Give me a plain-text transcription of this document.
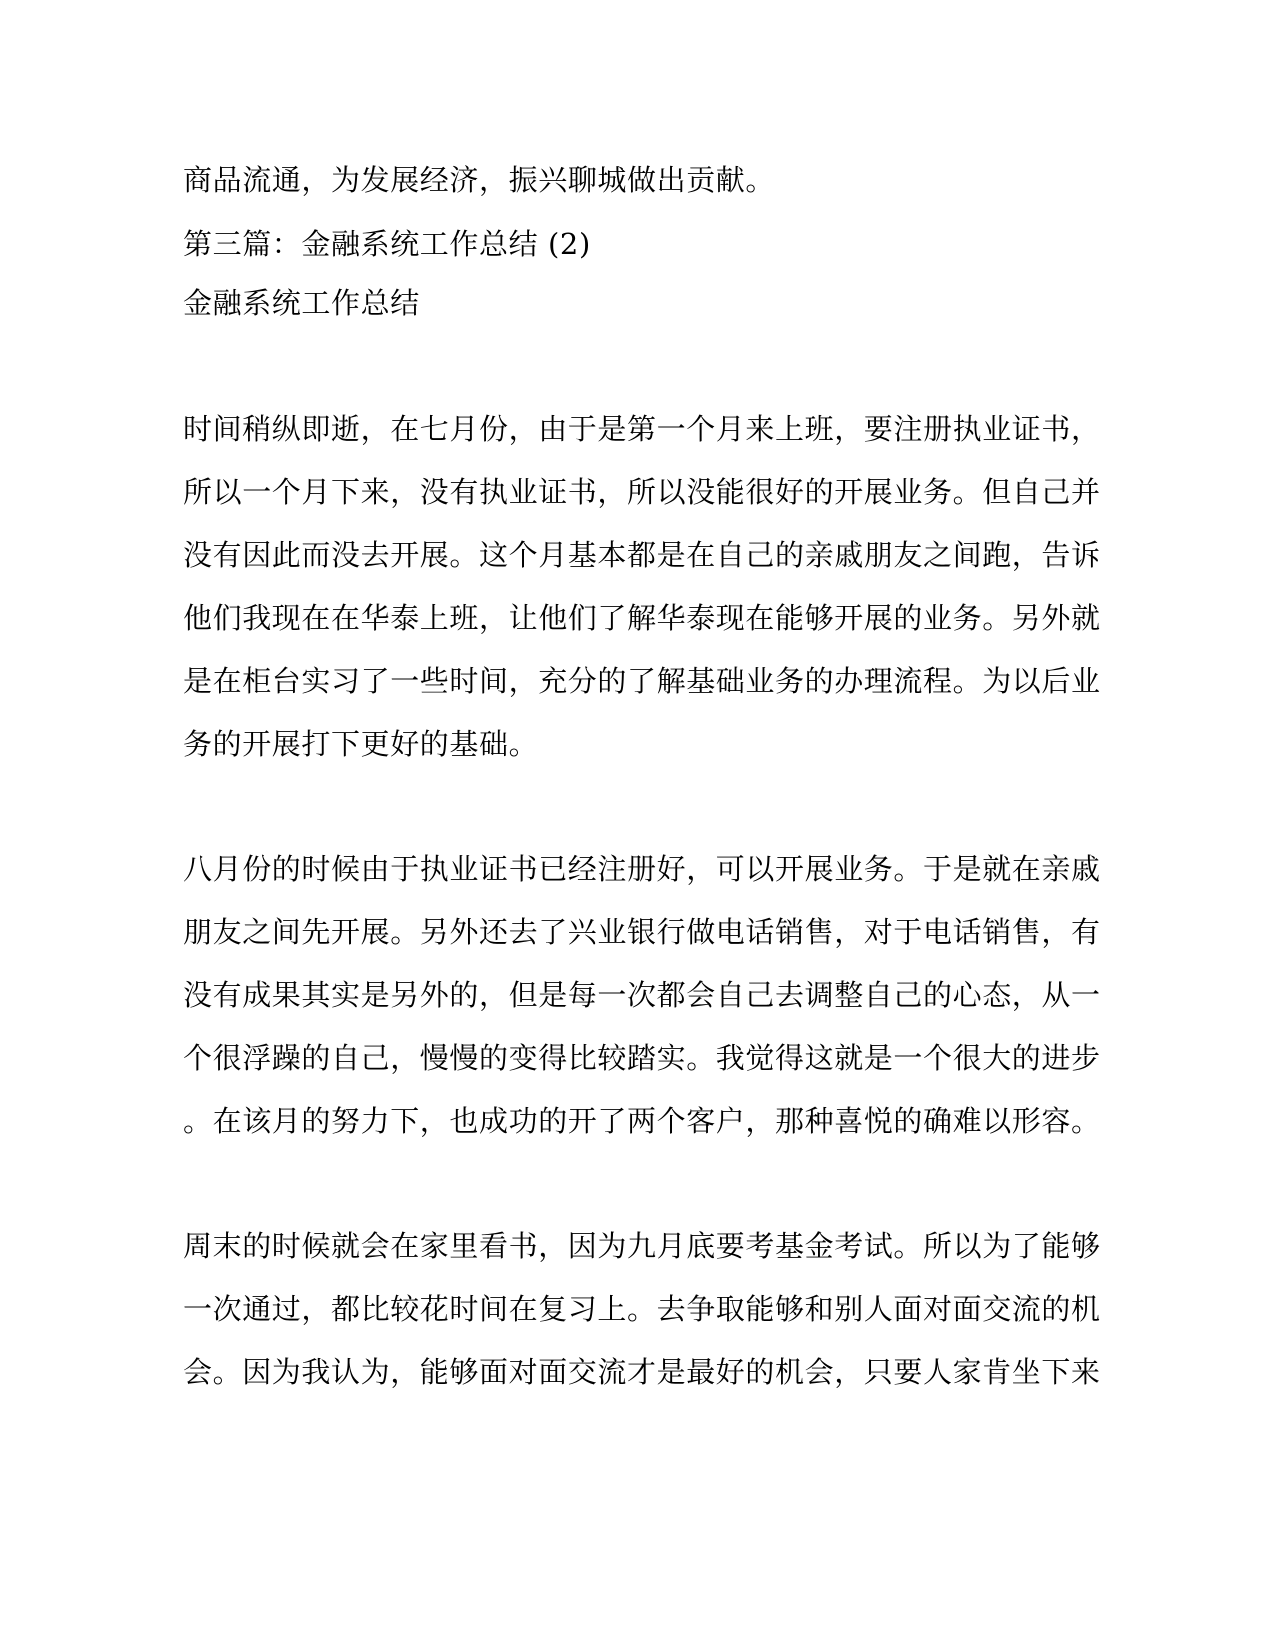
商品流通，为发展经济，振兴聊城做出贡献。
第三篇：金融系统工作总结 (2)
金融系统工作总结
时间稍纵即逝，在七月份，由于是第一个月来上班，要注册执业证书，
所以一个月下来，没有执业证书，所以没能很好的开展业务。但自己并
没有因此而没去开展。这个月基本都是在自己的亲戚朋友之间跑，告诉
他们我现在在华泰上班，让他们了解华泰现在能够开展的业务。另外就
是在柜台实习了一些时间，充分的了解基础业务的办理流程。为以后业
务的开展打下更好的基础。
八月份的时候由于执业证书已经注册好，可以开展业务。于是就在亲戚
朋友之间先开展。另外还去了兴业银行做电话销售，对于电话销售，有
没有成果其实是另外的，但是每一次都会自己去调整自己的心态，从一
个很浮躁的自己，慢慢的变得比较踏实。我觉得这就是一个很大的进步
。在该月的努力下，也成功的开了两个客户，那种喜悦的确难以形容。
周末的时候就会在家里看书，因为九月底要考基金考试。所以为了能够
一次通过，都比较花时间在复习上。去争取能够和别人面对面交流的机
会。因为我认为，能够面对面交流才是最好的机会，只要人家肯坐下来
